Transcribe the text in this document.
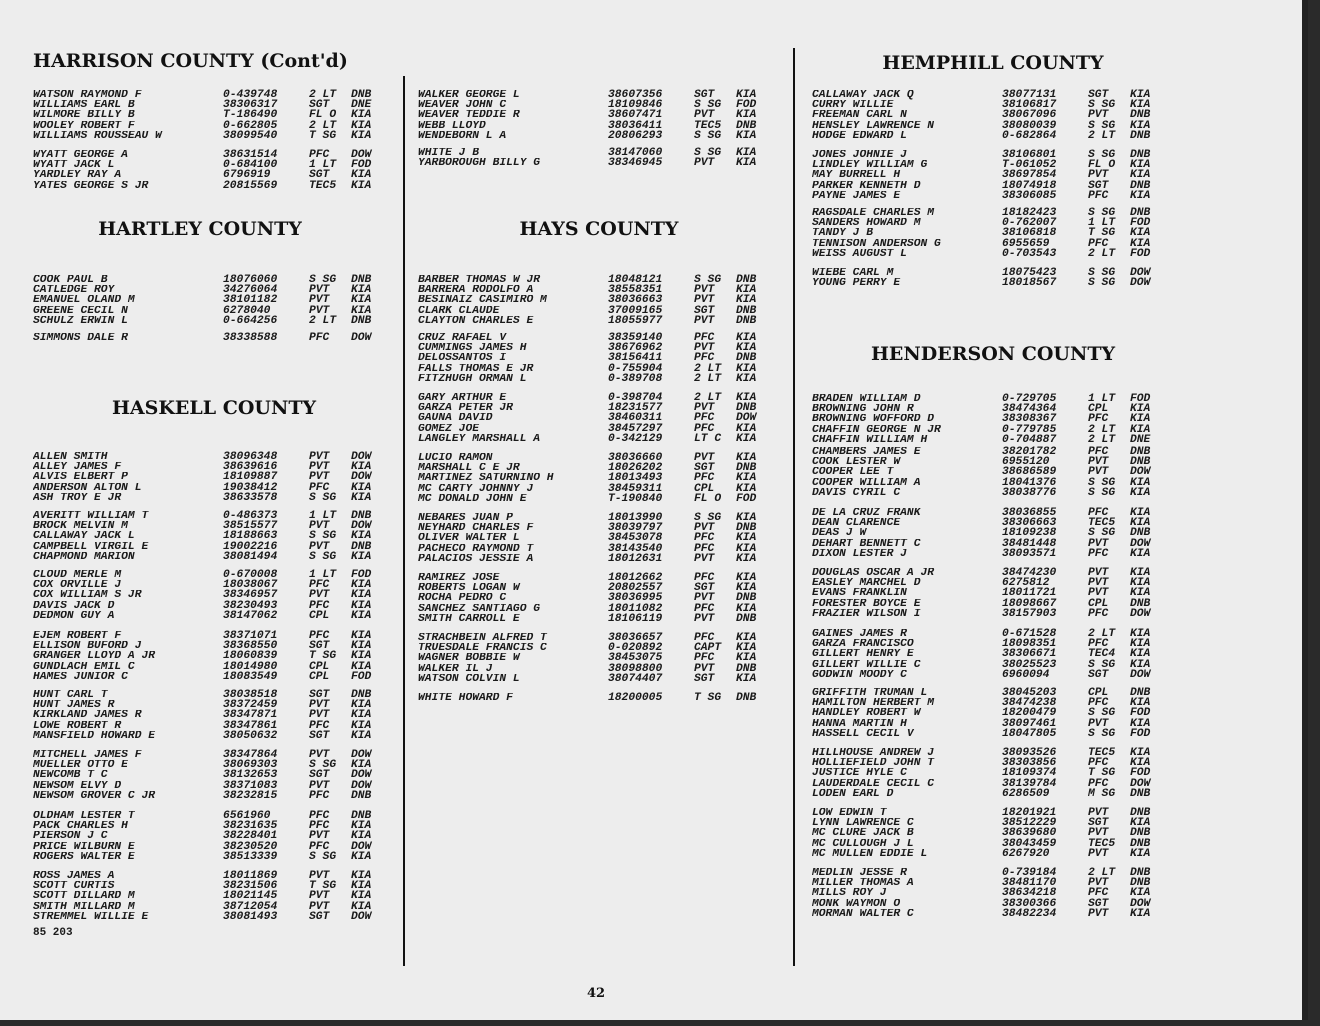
HARRISON COUNTY (Cont'd)
WATSON RAYMOND F	0-439748	2 LT	DNB
WILLIAMS EARL B	38306317	SGT	DNE
WILMORE BILLY B	T-186490	FL O	KIA
WOOLEY ROBERT F	0-662805	2 LT	KIA
WILLIAMS ROUSSEAU W	38099540	T SG	KIA
WYATT GEORGE A	38631514	PFC	DOW
WYATT JACK L	0-684100	1 LT	FOD
YARDLEY RAY A	6796919	SGT	KIA
YATES GEORGE S JR	20815569	TEC5	KIA
HARTLEY COUNTY
COOK PAUL B	18076060	S SG	DNB
CATLEDGE ROY	34276064	PVT	KIA
EMANUEL OLAND M	38101182	PVT	KIA
GREENE CECIL N	6278040	PVT	KIA
SCHULZ ERWIN L	0-664256	2 LT	DNB
SIMMONS DALE R	38338588	PFC	DOW
HASKELL COUNTY
ALLEN SMITH	38096348	PVT	DOW
ALLEY JAMES F	38639616	PVT	KIA
ALVIS ELBERT P	18109887	PVT	DOW
ANDERSON ALTON L	19038412	PFC	KIA
ASH TROY E JR	38633578	S SG	KIA
AVERITT WILLIAM T	0-486373	1 LT	DNB
BROCK MELVIN M	38515577	PVT	DOW
CALLAWAY JACK L	18188663	S SG	KIA
CAMPBELL VIRGIL E	19002216	PVT	DNB
CHAPMOND MARION	38081494	S SG	KIA
CLOUD MERLE M	0-670008	1 LT	FOD
COX ORVILLE J	18038067	PFC	KIA
COX WILLIAM S JR	38346957	PVT	KIA
DAVIS JACK D	38230493	PFC	KIA
DEDMON GUY A	38147062	CPL	KIA
EJEM ROBERT F	38371071	PFC	KIA
ELLISON BUFORD J	38368550	SGT	KIA
GRANGER LLOYD A JR	18060839	T SG	KIA
GUNDLACH EMIL C	18014980	CPL	KIA
HAMES JUNIOR C	18083549	CPL	FOD
HUNT CARL T	38038518	SGT	DNB
HUNT JAMES R	38372459	PVT	KIA
KIRKLAND JAMES R	38347871	PVT	KIA
LOWE ROBERT R	38347861	PFC	KIA
MANSFIELD HOWARD E	38050632	SGT	KIA
MITCHELL JAMES F	38347864	PVT	DOW
MUELLER OTTO E	38069303	S SG	KIA
NEWCOMB T C	38132653	SGT	DOW
NEWSOM ELVY D	38371083	PVT	DOW
NEWSOM GROVER C JR	38232815	PFC	DNB
OLDHAM LESTER T	6561960	PFC	DNB
PACK CHARLES H	38231635	PFC	KIA
PIERSON J C	38228401	PVT	KIA
PRICE WILBURN E	38230520	PFC	DOW
ROGERS WALTER E	38513339	S SG	KIA
ROSS JAMES A	18011869	PVT	KIA
SCOTT CURTIS	38231506	T SG	KIA
SCOTT DILLARD M	18021145	PVT	KIA
SMITH MILLARD M	38712054	PVT	KIA
STREMMEL WILLIE E	38081493	SGT	DOW
WALKER GEORGE L	38607356	SGT	KIA
WEAVER JOHN C	18109846	S SG	FOD
WEAVER TEDDIE R	38607471	PVT	KIA
WEBB LLOYD	38036411	TEC5	DNB
WENDEBORN L A	20806293	S SG	KIA
WHITE J B	38147060	S SG	KIA
YARBOROUGH BILLY G	38346945	PVT	KIA
HAYS COUNTY
BARBER THOMAS W JR	18048121	S SG	DNB
BARRERA RODOLFO A	38558351	PVT	KIA
BESINAIZ CASIMIRO M	38036663	PVT	KIA
CLARK CLAUDE	37009165	SGT	DNB
CLAYTON CHARLES E	18055977	PVT	DNB
CRUZ RAFAEL V	38359140	PFC	KIA
CUMMINGS JAMES H	38676962	PVT	KIA
DELOSSANTOS I	38156411	PFC	DNB
FALLS THOMAS E JR	0-755904	2 LT	KIA
FITZHUGH ORMAN L	0-389708	2 LT	KIA
GARY ARTHUR E	0-398704	2 LT	KIA
GARZA PETER JR	18231577	PVT	DNB
GAUNA DAVID	38460311	PFC	DOW
GOMEZ JOE	38457297	PFC	KIA
LANGLEY MARSHALL A	0-342129	LT C	KIA
LUCIO RAMON	38036660	PVT	KIA
MARSHALL C E JR	18026202	SGT	DNB
MARTINEZ SATURNINO H	18013493	PFC	KIA
MC CARTY JOHNNY J	38459311	CPL	KIA
MC DONALD JOHN E	T-190840	FL O	FOD
NEBARES JUAN P	18013990	S SG	KIA
NEYHARD CHARLES F	38039797	PVT	DNB
OLIVER WALTER L	38453078	PFC	KIA
PACHECO RAYMOND T	38143540	PFC	KIA
PALACIOS JESSIE A	18012631	PVT	KIA
RAMIREZ JOSE	18012662	PFC	KIA
ROBERTS LOGAN W	20802557	SGT	KIA
ROCHA PEDRO C	38036995	PVT	DNB
SANCHEZ SANTIAGO G	18011082	PFC	KIA
SMITH CARROLL E	18106119	PVT	DNB
STRACHBEIN ALFRED T	38036657	PFC	KIA
TRUESDALE FRANCIS C	0-020892	CAPT	KIA
WAGNER BOBBIE W	38453075	PFC	KIA
WALKER IL J	38098800	PVT	DNB
WATSON COLVIN L	38074407	SGT	KIA
WHITE HOWARD F	18200005	T SG	DNB
HEMPHILL COUNTY
CALLAWAY JACK Q	38077131	SGT	KIA
CURRY WILLIE	38106817	S SG	KIA
FREEMAN CARL N	38067096	PVT	DNB
HENSLEY LAWRENCE N	38080039	S SG	KIA
HODGE EDWARD L	0-682864	2 LT	DNB
JONES JOHNIE J	38106801	S SG	DNB
LINDLEY WILLIAM G	T-061052	FL O	KIA
MAY BURRELL H	38697854	PVT	KIA
PARKER KENNETH D	18074918	SGT	DNB
PAYNE JAMES E	38306085	PFC	KIA
RAGSDALE CHARLES M	18182423	S SG	DNB
SANDERS HOWARD M	0-762007	1 LT	FOD
TANDY J B	38106818	T SG	KIA
TENNISON ANDERSON G	6955659	PFC	KIA
WEISS AUGUST L	0-703543	2 LT	FOD
WIEBE CARL M	18075423	S SG	DOW
YOUNG PERRY E	18018567	S SG	DOW
HENDERSON COUNTY
BRADEN WILLIAM D	0-729705	1 LT	FOD
BROWNING JOHN R	38474364	CPL	KIA
BROWNING WOFFORD D	38308367	PFC	KIA
CHAFFIN GEORGE N JR	0-779785	2 LT	KIA
CHAFFIN WILLIAM H	0-704887	2 LT	DNE
CHAMBERS JAMES E	38201782	PFC	DNB
COOK LESTER W	6955120	PVT	DNB
COOPER LEE T	38686589	PVT	DOW
COOPER WILLIAM A	18041376	S SG	KIA
DAVIS CYRIL C	38038776	S SG	KIA
DE LA CRUZ FRANK	38036855	PFC	KIA
DEAN CLARENCE	38306663	TEC5	KIA
DEAS J W	18109238	S SG	DNB
DEHART BENNETT C	38481448	PVT	DOW
DIXON LESTER J	38093571	PFC	KIA
DOUGLAS OSCAR A JR	38474230	PVT	KIA
EASLEY MARCHEL D	6275812	PVT	KIA
EVANS FRANKLIN	18011721	PVT	KIA
FORESTER BOYCE E	18098667	CPL	DNB
FRAZIER WILSON I	38157903	PFC	DOW
GAINES JAMES R	0-671528	2 LT	KIA
GARZA FRANCISCO	18098351	PFC	KIA
GILLERT HENRY E	38306671	TEC4	KIA
GILLERT WILLIE C	38025523	S SG	KIA
GODWIN MOODY C	6960094	SGT	DOW
GRIFFITH TRUMAN L	38045203	CPL	DNB
HAMILTON HERBERT M	38474238	PFC	KIA
HANDLEY ROBERT W	18200479	S SG	FOD
HANNA MARTIN H	38097461	PVT	KIA
HASSELL CECIL V	18047805	S SG	FOD
HILLHOUSE ANDREW J	38093526	TEC5	KIA
HOLLIEFIELD JOHN T	38303856	PFC	KIA
JUSTICE HYLE C	18109374	T SG	FOD
LAUDERDALE CECIL C	38139784	PFC	DOW
LODEN EARL D	6286509	M SG	DNB
LOW EDWIN T	18201921	PVT	DNB
LYNN LAWRENCE C	38512229	SGT	KIA
MC CLURE JACK B	38639680	PVT	DNB
MC CULLOUGH J L	38043459	TEC5	DNB
MC MULLEN EDDIE L	6267920	PVT	KIA
MEDLIN JESSE R	0-739184	2 LT	DNB
MILLER THOMAS A	38481170	PVT	DNB
MILLS ROY J	38634218	PFC	KIA
MONK WAYMON O	38300366	SGT	DOW
MORMAN WALTER C	38482234	PVT	KIA
85 203
42
